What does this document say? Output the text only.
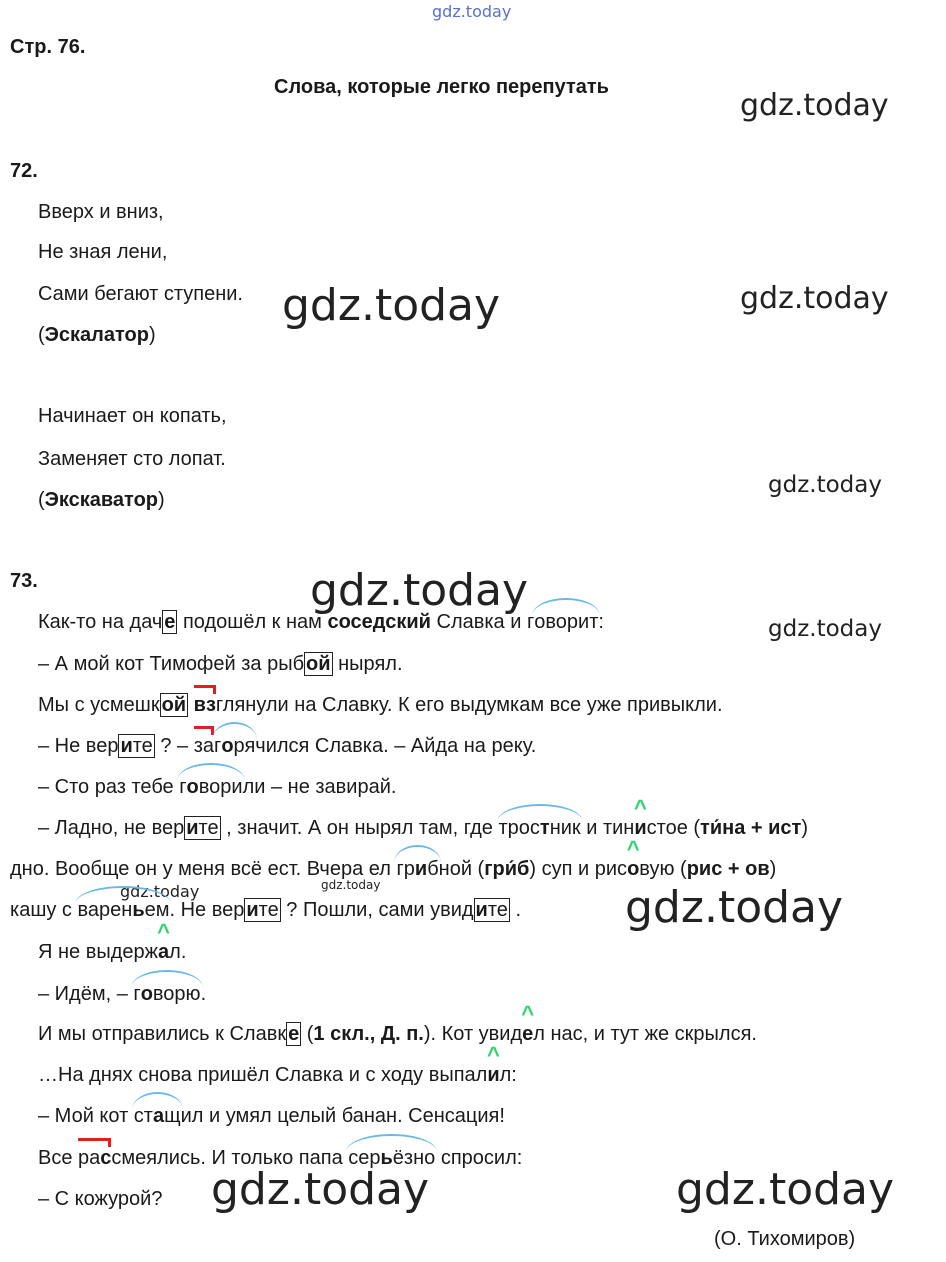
gdz.today
gdz.today
gdz.today	gdz.today
gdz.today
gdz.today
gdz.today
gdz.today	gdz.today	gdz.today
gdz.today	gdz.today
Стр. 76.
Слова, которые легко перепутать
72.
Вверх и вниз,
Не зная лени,
Сами бегают ступени.
(Эскалатор)
Начинает он копать,
Заменяет сто лопат.
(Экскаватор)
73.
Как-то на дач е подошёл к нам соседский Славка и говорит:
– А мой кот Тимофей за рыб ой нырял.
Мы с усмешк ой взглянули на Славку. К его выдумкам все уже привыкли.
– Не вер ите ? – загорячился Славка. – Айда на реку.
– Сто раз тебе говорили – не завирай.
– Ладно, не вер ите , значит. А он нырял там, где тростник и тин^ истое (ти́на + ист)
дно. Вообще он у меня всё ест. Вчера ел грибной (гри́б) суп и рис^ овую (рис + ов)
кашу с вареньем. Не вер ите ? Пошли, сами увид ите .
Я не выдерж^ ал.
– Идём, – говорю.
И мы отправились к Славк е (1 скл., Д. п.). Кот увид^ ел нас, и тут же скрылся.
…На днях снова пришёл Славка и с ходу выпал^ ил:
– Мой кот стащил и умял целый банан. Сенсация!
Все рассмеялись. И только папа серьёзно спросил:
– С кожурой?
(О. Тихомиров)
